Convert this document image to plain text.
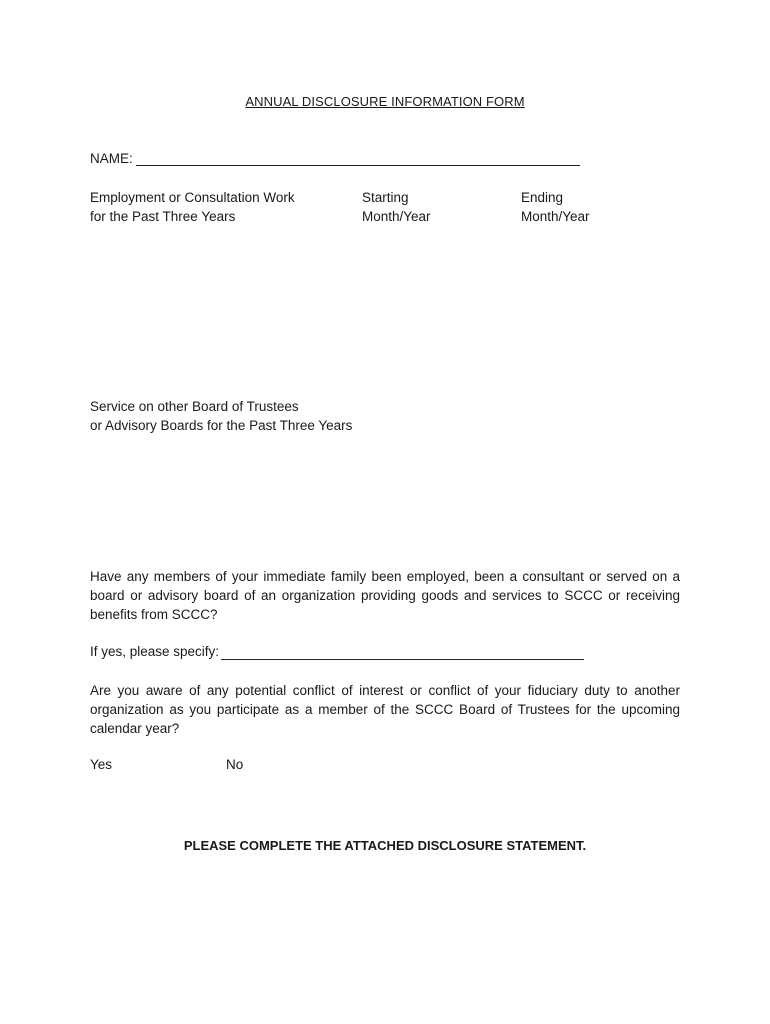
ANNUAL DISCLOSURE INFORMATION FORM
NAME:
Employment or Consultation Work
for the Past Three Years
Starting
Month/Year
Ending
Month/Year
Service on other Board of Trustees
or Advisory Boards for the Past Three Years
Have any members of your immediate family been employed, been a consultant or served on a board or advisory board of an organization providing goods and services to SCCC or receiving benefits from SCCC?
If yes, please specify:
Are you aware of any potential conflict of interest or conflict of your fiduciary duty to another organization as you participate as a member of the SCCC Board of Trustees for the upcoming calendar year?
Yes	No
PLEASE COMPLETE THE ATTACHED DISCLOSURE STATEMENT.
